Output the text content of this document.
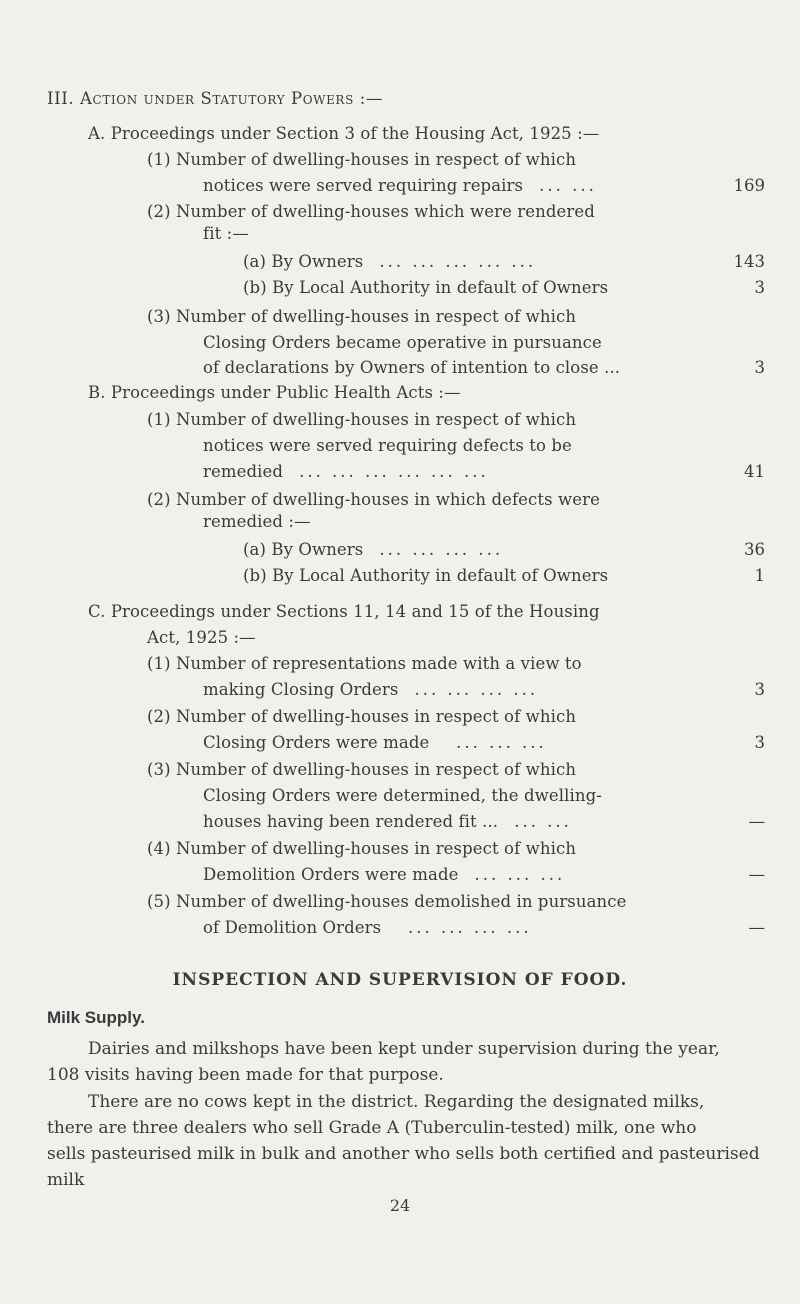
III. Action under Statutory Powers :—
A. Proceedings under Section 3 of the Housing Act, 1925 :—
(1) Number of dwelling-houses in respect of which
notices were served requiring repairs ... ...	169
(2) Number of dwelling-houses which were rendered
fit :—
(a) By Owners ... ... ... ... ...	143
(b) By Local Authority in default of Owners	3
(3) Number of dwelling-houses in respect of which
Closing Orders became operative in pursuance
of declarations by Owners of intention to close ...	3
B. Proceedings under Public Health Acts :—
(1) Number of dwelling-houses in respect of which
notices were served requiring defects to be
remedied ... ... ... ... ... ...	41
(2) Number of dwelling-houses in which defects were
remedied :—
(a) By Owners ... ... ... ...	36
(b) By Local Authority in default of Owners	1
C. Proceedings under Sections 11, 14 and 15 of the Housing
Act, 1925 :—
(1) Number of representations made with a view to
making Closing Orders ... ... ... ...	3
(2) Number of dwelling-houses in respect of which
Closing Orders were made ... ... ...	3
(3) Number of dwelling-houses in respect of which
Closing Orders were determined, the dwelling-
houses having been rendered fit ... ... ...	—
(4) Number of dwelling-houses in respect of which
Demolition Orders were made ... ... ...	—
(5) Number of dwelling-houses demolished in pursuance
of Demolition Orders ... ... ... ...	—
INSPECTION AND SUPERVISION OF FOOD.
Milk Supply.
Dairies and milkshops have been kept under supervision during the year,
108 visits having been made for that purpose.
There are no cows kept in the district. Regarding the designated milks,
there are three dealers who sell Grade A (Tuberculin-tested) milk, one who
sells pasteurised milk in bulk and another who sells both certified and pasteurised
milk
24
